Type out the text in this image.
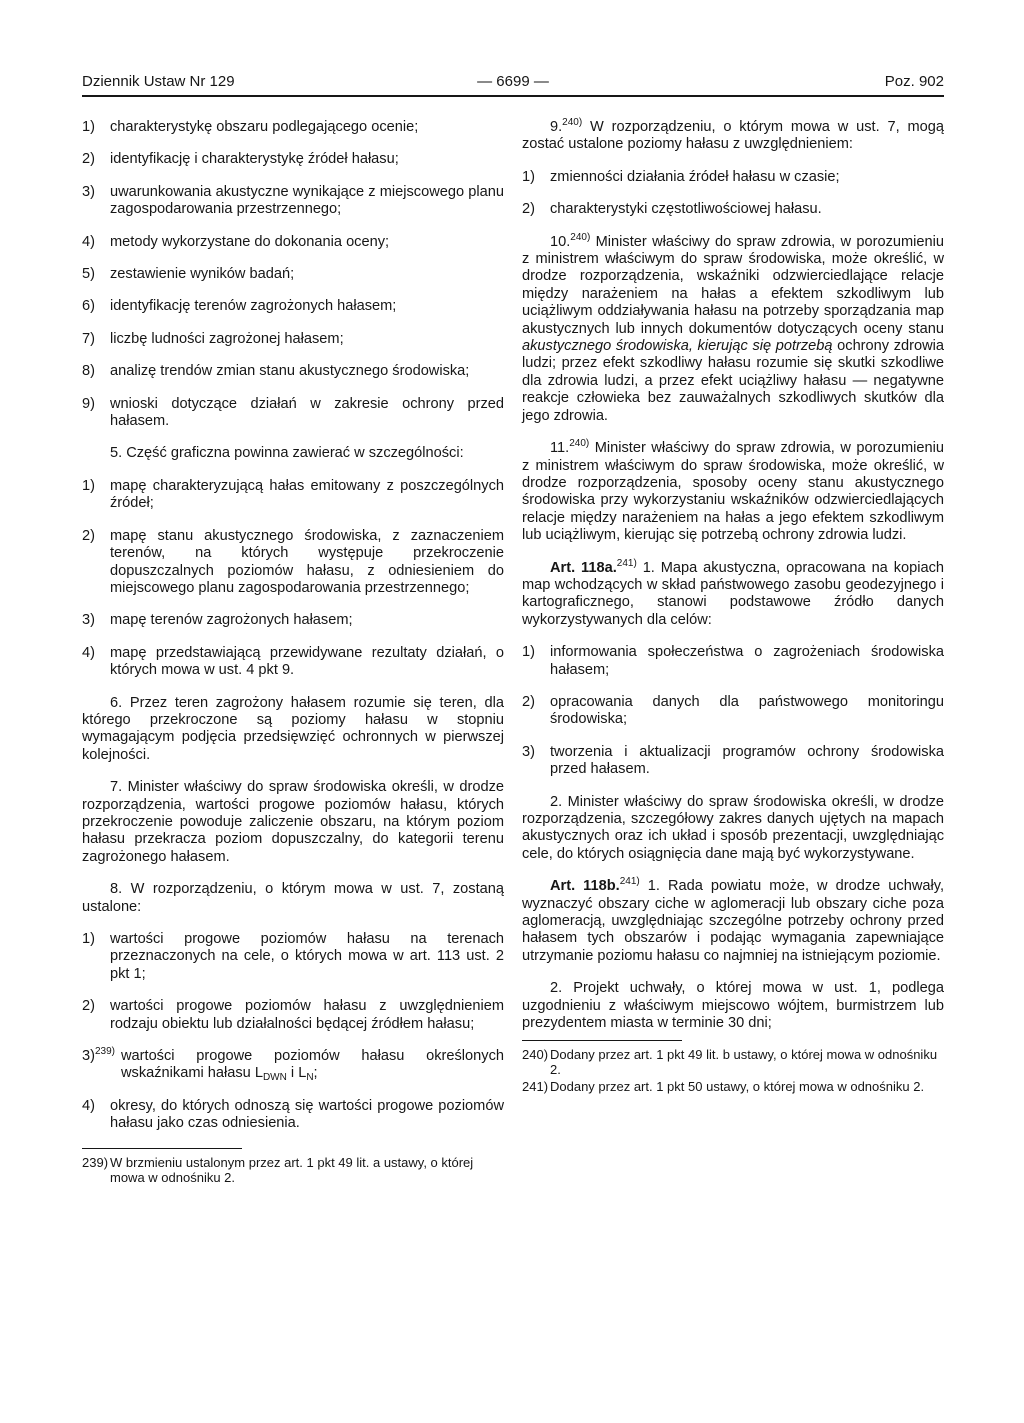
Dziennik Ustaw Nr 129	— 6699 —	Poz. 902
1)	charakterystykę obszaru podlegającego ocenie;
2)	identyfikację i charakterystykę źródeł hałasu;
3)	uwarunkowania akustyczne wynikające z miejscowego planu zagospodarowania przestrzennego;
4)	metody wykorzystane do dokonania oceny;
5)	zestawienie wyników badań;
6)	identyfikację terenów zagrożonych hałasem;
7)	liczbę ludności zagrożonej hałasem;
8)	analizę trendów zmian stanu akustycznego środowiska;
9)	wnioski dotyczące działań w zakresie ochrony przed hałasem.

5. Część graficzna powinna zawierać w szczególności:

1)	mapę charakteryzującą hałas emitowany z poszczególnych źródeł;
2)	mapę stanu akustycznego środowiska, z zaznaczeniem terenów, na których występuje przekroczenie dopuszczalnych poziomów hałasu, z odniesieniem do miejscowego planu zagospodarowania przestrzennego;
3)	mapę terenów zagrożonych hałasem;
4)	mapę przedstawiającą przewidywane rezultaty działań, o których mowa w ust. 4 pkt 9.

6. Przez teren zagrożony hałasem rozumie się teren, dla którego przekroczone są poziomy hałasu w stopniu wymagającym podjęcia przedsięwzięć ochronnych w pierwszej kolejności.

7. Minister właściwy do spraw środowiska określi, w drodze rozporządzenia, wartości progowe poziomów hałasu, których przekroczenie powoduje zaliczenie obszaru, na którym poziom hałasu przekracza poziom dopuszczalny, do kategorii terenu zagrożonego hałasem.

8. W rozporządzeniu, o którym mowa w ust. 7, zostaną ustalone:

1)	wartości progowe poziomów hałasu na terenach przeznaczonych na cele, o których mowa w art. 113 ust. 2 pkt 1;
2)	wartości progowe poziomów hałasu z uwzględnieniem rodzaju obiektu lub działalności będącej źródłem hałasu;
3)$^{239)}$ wartości progowe poziomów hałasu określonych wskaźnikami hałasu $L_{DWN}$ i $L_N$;
4)	okresy, do których odnoszą się wartości progowe poziomów hałasu jako czas odniesienia.
239) W brzmieniu ustalonym przez art. 1 pkt 49 lit. a ustawy, o której mowa w odnośniku 2.

9.$^{240)}$ W rozporządzeniu, o którym mowa w ust. 7, mogą zostać ustalone poziomy hałasu z uwzględnieniem:

1)	zmienności działania źródeł hałasu w czasie;
2)	charakterystyki częstotliwościowej hałasu.

10.$^{240)}$ Minister właściwy do spraw zdrowia, w porozumieniu z ministrem właściwym do spraw środowiska, może określić, w drodze rozporządzenia, wskaźniki odzwierciedlające relacje między narażeniem na hałas a efektem szkodliwym lub uciążliwym oddziaływania hałasu na potrzeby sporządzania map akustycznych lub innych dokumentów dotyczących oceny stanu akustycznego środowiska, kierując się potrzebą ochrony zdrowia ludzi; przez efekt szkodliwy hałasu rozumie się skutki szkodliwe dla zdrowia ludzi, a przez efekt uciążliwy hałasu — negatywne reakcje człowieka bez zauważalnych szkodliwych skutków dla jego zdrowia.

11.$^{240)}$ Minister właściwy do spraw zdrowia, w porozumieniu z ministrem właściwym do spraw środowiska, może określić, w drodze rozporządzenia, sposoby oceny stanu akustycznego środowiska przy wykorzystaniu wskaźników odzwierciedlających relacje między narażeniem na hałas a jego efektem szkodliwym lub uciążliwym, kierując się potrzebą ochrony zdrowia ludzi.

Art. 118a.$^{241)}$ 1. Mapa akustyczna, opracowana na kopiach map wchodzących w skład państwowego zasobu geodezyjnego i kartograficznego, stanowi podstawowe źródło danych wykorzystywanych dla celów:

1)	informowania społeczeństwa o zagrożeniach środowiska hałasem;
2)	opracowania danych dla państwowego monitoringu środowiska;
3)	tworzenia i aktualizacji programów ochrony środowiska przed hałasem.

2. Minister właściwy do spraw środowiska określi, w drodze rozporządzenia, szczegółowy zakres danych ujętych na mapach akustycznych oraz ich układ i sposób prezentacji, uwzględniając cele, do których osiągnięcia dane mają być wykorzystywane.

Art. 118b.$^{241)}$ 1. Rada powiatu może, w drodze uchwały, wyznaczyć obszary ciche w aglomeracji lub obszary ciche poza aglomeracją, uwzględniając szczególne potrzeby ochrony przed hałasem tych obszarów i podając wymagania zapewniające utrzymanie poziomu hałasu co najmniej na istniejącym poziomie.

2. Projekt uchwały, o której mowa w ust. 1, podlega uzgodnieniu z właściwym miejscowo wójtem, burmistrzem lub prezydentem miasta w terminie 30 dni;

240) Dodany przez art. 1 pkt 49 lit. b ustawy, o której mowa w odnośniku 2.
241) Dodany przez art. 1 pkt 50 ustawy, o której mowa w odnośniku 2.
